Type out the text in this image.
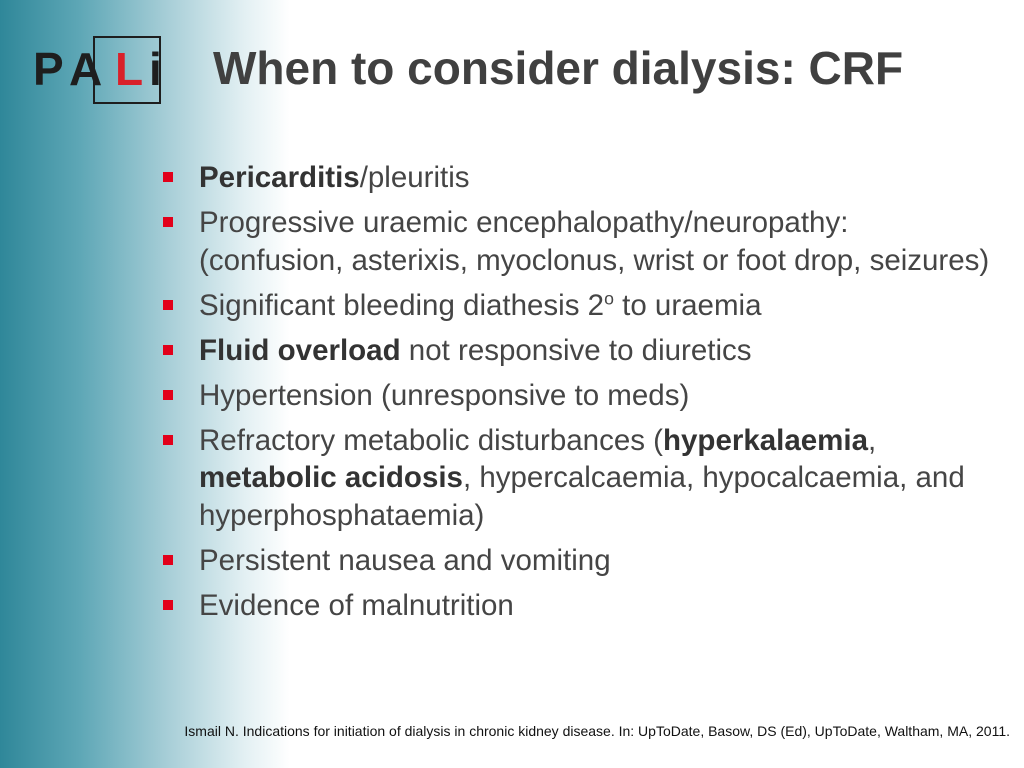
P A L i When to consider dialysis: CRF
Pericarditis/pleuritis
Progressive uraemic encephalopathy/neuropathy: (confusion, asterixis, myoclonus, wrist or foot drop, seizures)
Significant bleeding diathesis 2$^o$ to uraemia
Fluid overload not responsive to diuretics
Hypertension (unresponsive to meds)
Refractory metabolic disturbances (hyperkalaemia, metabolic acidosis, hypercalcaemia, hypocalcaemia, and hyperphosphataemia)
Persistent nausea and vomiting
Evidence of malnutrition

Ismail N. Indications for initiation of dialysis in chronic kidney disease. In: UpToDate, Basow, DS (Ed), UpToDate, Waltham, MA, 2011.
